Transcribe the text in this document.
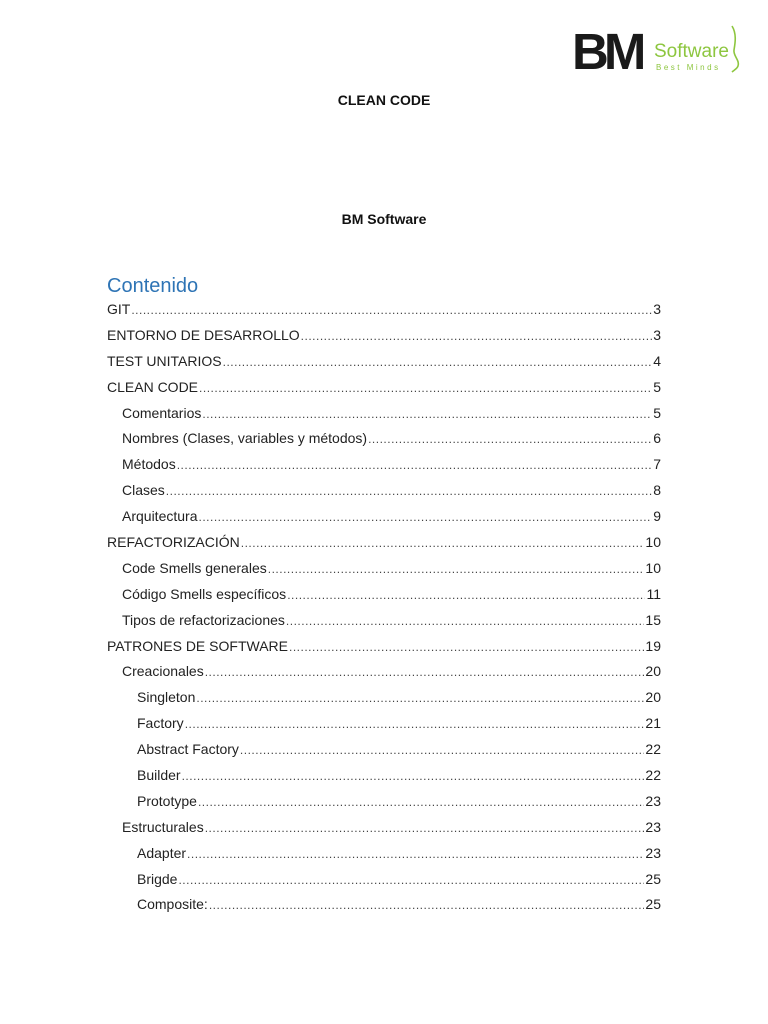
BM Software
Best Minds
CLEAN CODE
BM Software
Contenido
GIT .....	3
ENTORNO DE DESARROLLO .....	3
TEST UNITARIOS .....	4
CLEAN CODE .....	5
Comentarios .....	5
Nombres (Clases, variables y métodos) .....	6
Métodos .....	7
Clases .....	8
Arquitectura .....	9
REFACTORIZACIÓN .....	10
Code Smells generales .....	10
Código Smells específicos .....	11
Tipos de refactorizaciones .....	15
PATRONES DE SOFTWARE .....	19
Creacionales .....	20
Singleton .....	20
Factory .....	21
Abstract Factory .....	22
Builder .....	22
Prototype .....	23
Estructurales .....	23
Adapter .....	23
Brigde .....	25
Composite: .....	25
